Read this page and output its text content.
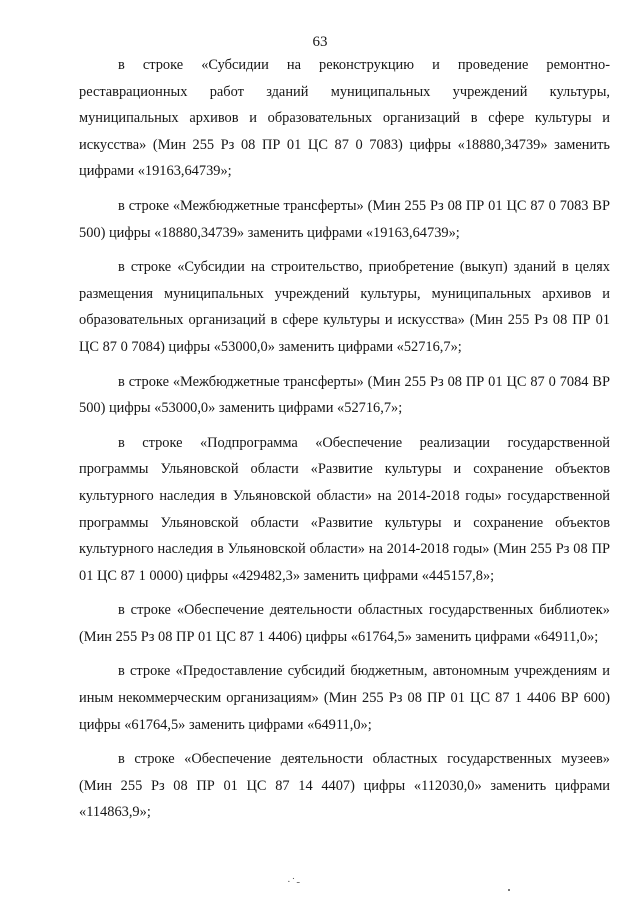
63

в строке «Субсидии на реконструкцию и проведение ремонтно-реставрационных работ зданий муниципальных учреждений культуры, муниципальных архивов и образовательных организаций в сфере культуры и искусства» (Мин 255 Рз 08 ПР 01 ЦС 87 0 7083) цифры «18880,34739» заменить цифрами «19163,64739»;

в строке «Межбюджетные трансферты» (Мин 255 Рз 08 ПР 01 ЦС 87 0 7083 ВР 500) цифры «18880,34739» заменить цифрами «19163,64739»;

в строке «Субсидии на строительство, приобретение (выкуп) зданий в целях размещения муниципальных учреждений культуры, муниципальных архивов и образовательных организаций в сфере культуры и искусства» (Мин 255 Рз 08 ПР 01 ЦС 87 0 7084) цифры «53000,0» заменить цифрами «52716,7»;

в строке «Межбюджетные трансферты» (Мин 255 Рз 08 ПР 01 ЦС 87 0 7084 ВР 500) цифры «53000,0» заменить цифрами «52716,7»;

в строке «Подпрограмма «Обеспечение реализации государственной программы Ульяновской области «Развитие культуры и сохранение объектов культурного наследия в Ульяновской области» на 2014-2018 годы» государственной программы Ульяновской области «Развитие культуры и сохранение объектов культурного наследия в Ульяновской области» на 2014-2018 годы» (Мин 255 Рз 08 ПР 01 ЦС 87 1 0000) цифры «429482,3» заменить цифрами «445157,8»;

в строке «Обеспечение деятельности областных государственных библиотек» (Мин 255 Рз 08 ПР 01 ЦС 87 1 4406) цифры «61764,5» заменить цифрами «64911,0»;

в строке «Предоставление субсидий бюджетным, автономным учреждениям и иным некоммерческим организациям» (Мин 255 Рз 08 ПР 01 ЦС 87 1 4406 ВР 600) цифры «61764,5» заменить цифрами «64911,0»;

в строке «Обеспечение деятельности областных государственных музеев» (Мин 255 Рз 08 ПР 01 ЦС 87 14 4407) цифры «112030,0» заменить цифрами «114863,9»;

·˙-
